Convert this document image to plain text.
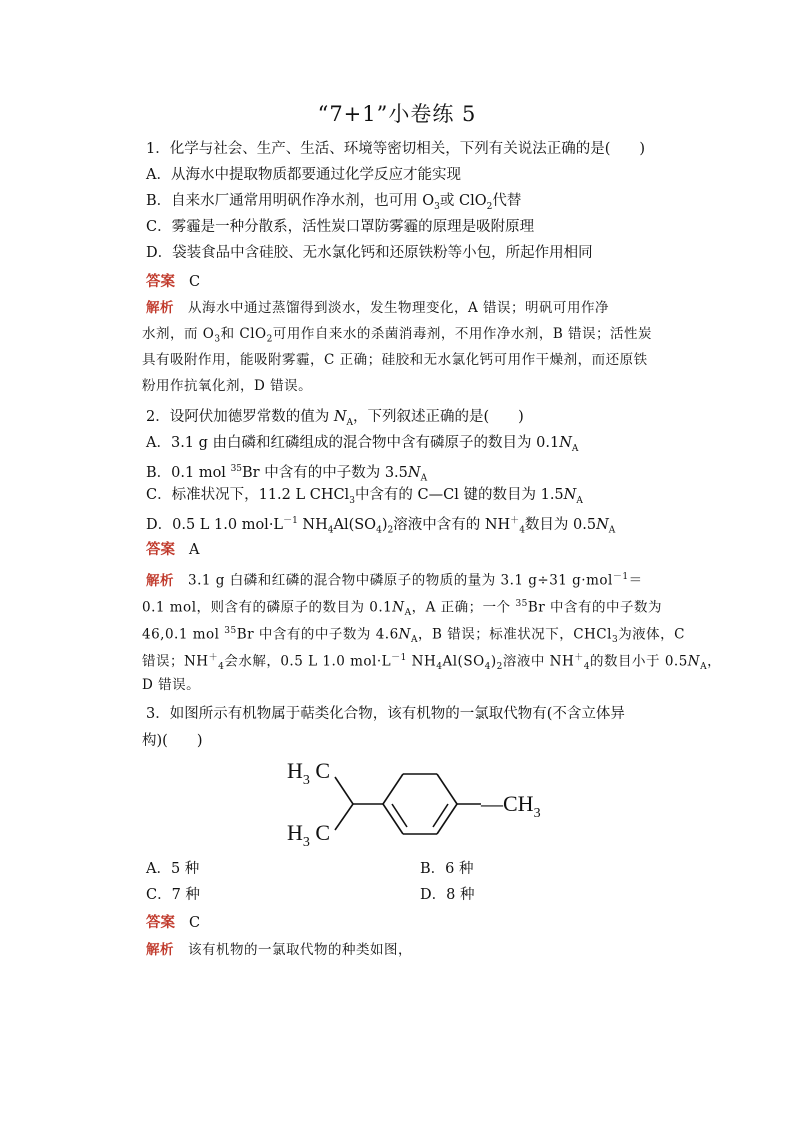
“7+1”小卷练 5
1．化学与社会、生产、生活、环境等密切相关，下列有关说法正确的是(　　)
A．从海水中提取物质都要通过化学反应才能实现
B．自来水厂通常用明矾作净水剂，也可用 $O_3$或 ClO$_2$代替
C．雾霾是一种分散系，活性炭口罩防雾霾的原理是吸附原理
D．袋装食品中含硅胶、无水氯化钙和还原铁粉等小包，所起作用相同
答案 C
解析 从海水中通过蒸馏得到淡水，发生物理变化，A 错误；明矾可用作净
水剂，而 $O_3$和 ClO$_2$可用作自来水的杀菌消毒剂，不用作净水剂，B 错误；活性炭
具有吸附作用，能吸附雾霾，C 正确；硅胶和无水氯化钙可用作干燥剂，而还原铁
粉用作抗氧化剂，D 错误。
2．设阿伏加德罗常数的值为 $N_A$，下列叙述正确的是(　　)
A．3.1 g 由白磷和红磷组成的混合物中含有磷原子的数目为 $0.1N_A$
B．0.1 mol $^{35}$Br 中含有的中子数为 $3.5N_A$
C．标准状况下，11.2 L CHCl$_3$中含有的 C—Cl 键的数目为 $1.5N_A$
D．0.5 L 1.0 $mol\cdot L^{-1}$ $NH_4Al(SO_4)_2$溶液中含有的 $NH^+_4$数目为 $0.5N_A$
答案 A
解析 3.1 g 白磷和红磷的混合物中磷原子的物质的量为 3.1 g÷31 g·mol$^{-1}$＝
0.1 mol，则含有的磷原子的数目为 $0.1N_A$，A 正确；一个 $^{35}$Br 中含有的中子数为
46,0.1 mol $^{35}$Br 中含有的中子数为 $4.6N_A$，B 错误；标准状况下，CHCl$_3$为液体，C
错误；$NH^+_4$会水解，0.5 L 1.0 $mol\cdot L^{-1}$ $NH_4Al(SO_4)_2$溶液中 $NH^+_4$的数目小于 $0.5N_A$，
D 错误。
3．如图所示有机物属于萜类化合物，该有机物的一氯取代物有(不含立体异
构)(　　)
$H_3$ C
$H_3$ C
$—CH_3$
A．5 种	B．6 种
C．7 种	D．8 种
答案 C
解析 该有机物的一氯取代物的种类如图，
